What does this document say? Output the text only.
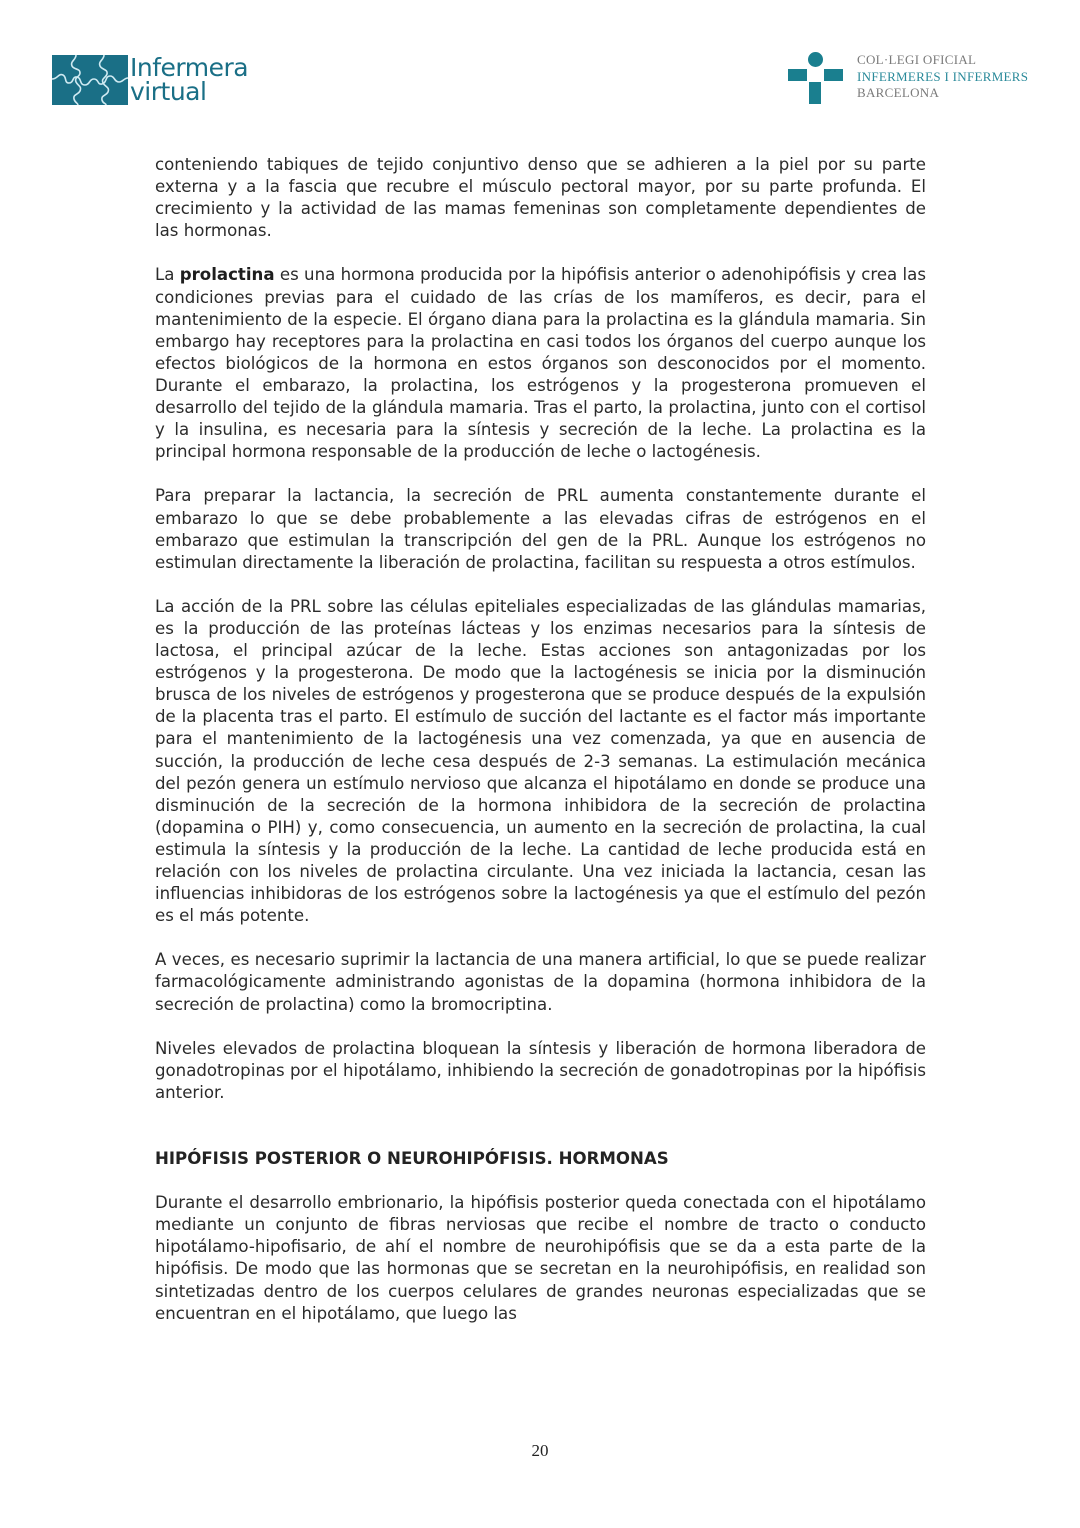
Infermera
virtual
COL·LEGI OFICIAL
INFERMERES I INFERMERS
BARCELONA

conteniendo tabiques de tejido conjuntivo denso que se adhieren a la piel por su parte externa y a la fascia que recubre el músculo pectoral mayor, por su parte profunda. El crecimiento y la actividad de las mamas femeninas son completamente dependientes de las hormonas.

La prolactina es una hormona producida por la hipófisis anterior o adenohipófisis y crea las condiciones previas para el cuidado de las crías de los mamíferos, es decir, para el mantenimiento de la especie. El órgano diana para la prolactina es la glándula mamaria. Sin embargo hay receptores para la prolactina en casi todos los órganos del cuerpo aunque los efectos biológicos de la hormona en estos órganos son desconocidos por el momento. Durante el embarazo, la prolactina, los estrógenos y la progesterona promueven el desarrollo del tejido de la glándula mamaria. Tras el parto, la prolactina, junto con el cortisol y la insulina, es necesaria para la síntesis y secreción de la leche. La prolactina es la principal hormona responsable de la producción de leche o lactogénesis.

Para preparar la lactancia, la secreción de PRL aumenta constantemente durante el embarazo lo que se debe probablemente a las elevadas cifras de estrógenos en el embarazo que estimulan la transcripción del gen de la PRL. Aunque los estrógenos no estimulan directamente la liberación de prolactina, facilitan su respuesta a otros estímulos.

La acción de la PRL sobre las células epiteliales especializadas de las glándulas mamarias, es la producción de las proteínas lácteas y los enzimas necesarios para la síntesis de lactosa, el principal azúcar de la leche. Estas acciones son antagonizadas por los estrógenos y la progesterona. De modo que la lactogénesis se inicia por la disminución brusca de los niveles de estrógenos y progesterona que se produce después de la expulsión de la placenta tras el parto. El estímulo de succión del lactante es el factor más importante para el mantenimiento de la lactogénesis una vez comenzada, ya que en ausencia de succión, la producción de leche cesa después de 2-3 semanas. La estimulación mecánica del pezón genera un estímulo nervioso que alcanza el hipotálamo en donde se produce una disminución de la secreción de la hormona inhibidora de la secreción de prolactina (dopamina o PIH) y, como consecuencia, un aumento en la secreción de prolactina, la cual estimula la síntesis y la producción de la leche. La cantidad de leche producida está en relación con los niveles de prolactina circulante. Una vez iniciada la lactancia, cesan las influencias inhibidoras de los estrógenos sobre la lactogénesis ya que el estímulo del pezón es el más potente.

A veces, es necesario suprimir la lactancia de una manera artificial, lo que se puede realizar farmacológicamente administrando agonistas de la dopamina (hormona inhibidora de la secreción de prolactina) como la bromocriptina.

Niveles elevados de prolactina bloquean la síntesis y liberación de hormona liberadora de gonadotropinas por el hipotálamo, inhibiendo la secreción de gonadotropinas por la hipófisis anterior.

HIPÓFISIS POSTERIOR O NEUROHIPÓFISIS. HORMONAS

Durante el desarrollo embrionario, la hipófisis posterior queda conectada con el hipotálamo mediante un conjunto de fibras nerviosas que recibe el nombre de tracto o conducto hipotálamo-hipofisario, de ahí el nombre de neurohipófisis que se da a esta parte de la hipófisis. De modo que las hormonas que se secretan en la neurohipófisis, en realidad son sintetizadas dentro de los cuerpos celulares de grandes neuronas especializadas que se encuentran en el hipotálamo, que luego las

20
